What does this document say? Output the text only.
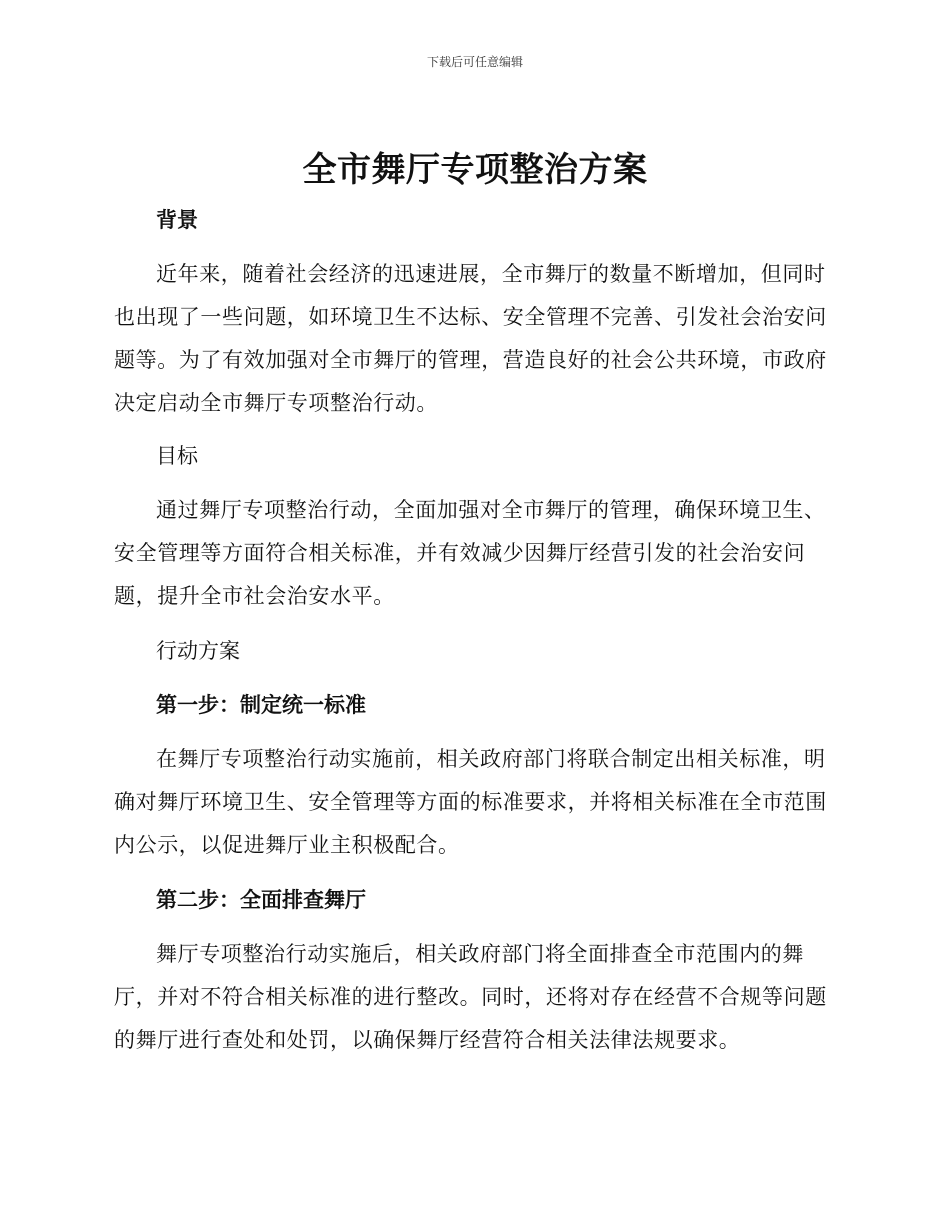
下载后可任意编辑
全市舞厅专项整治方案
背景
近年来，随着社会经济的迅速进展，全市舞厅的数量不断增加，但同时也出现了一些问题，如环境卫生不达标、安全管理不完善、引发社会治安问题等。为了有效加强对全市舞厅的管理，营造良好的社会公共环境，市政府决定启动全市舞厅专项整治行动。
目标
通过舞厅专项整治行动，全面加强对全市舞厅的管理，确保环境卫生、安全管理等方面符合相关标准，并有效减少因舞厅经营引发的社会治安问题，提升全市社会治安水平。
行动方案
第一步：制定统一标准
在舞厅专项整治行动实施前，相关政府部门将联合制定出相关标准，明确对舞厅环境卫生、安全管理等方面的标准要求，并将相关标准在全市范围内公示，以促进舞厅业主积极配合。
第二步：全面排查舞厅
舞厅专项整治行动实施后，相关政府部门将全面排查全市范围内的舞厅，并对不符合相关标准的进行整改。同时，还将对存在经营不合规等问题的舞厅进行查处和处罚，以确保舞厅经营符合相关法律法规要求。
